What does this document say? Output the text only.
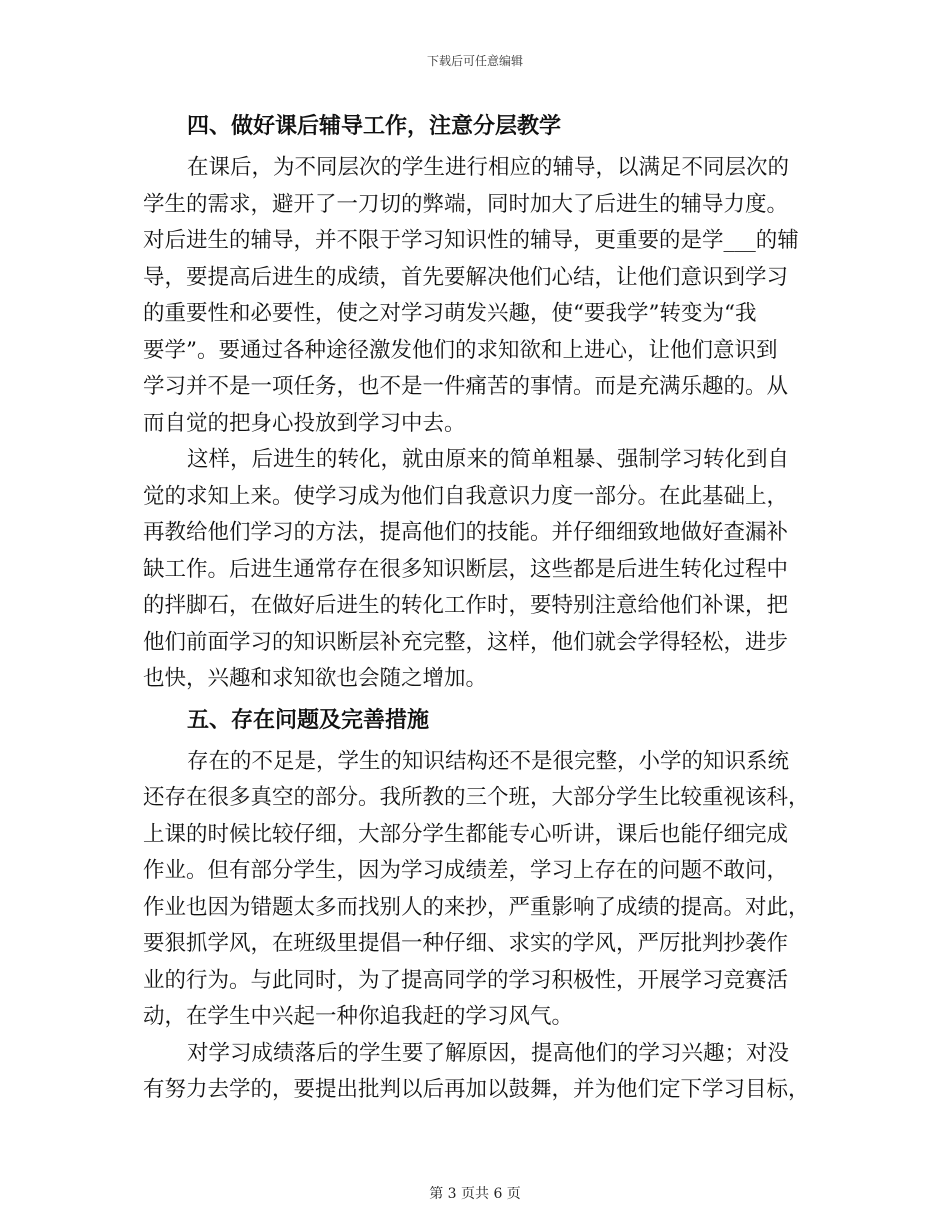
下载后可任意编辑
四、做好课后辅导工作，注意分层教学

在课后，为不同层次的学生进行相应的辅导，以满足不同层次的
学生的需求，避开了一刀切的弊端，同时加大了后进生的辅导力度。
对后进生的辅导，并不限于学习知识性的辅导，更重要的是学___的辅
导，要提高后进生的成绩，首先要解决他们心结，让他们意识到学习
的重要性和必要性，使之对学习萌发兴趣，使“要我学”转变为“我
要学”。要通过各种途径激发他们的求知欲和上进心，让他们意识到
学习并不是一项任务，也不是一件痛苦的事情。而是充满乐趣的。从
而自觉的把身心投放到学习中去。

这样，后进生的转化，就由原来的简单粗暴、强制学习转化到自
觉的求知上来。使学习成为他们自我意识力度一部分。在此基础上，
再教给他们学习的方法，提高他们的技能。并仔细细致地做好查漏补
缺工作。后进生通常存在很多知识断层，这些都是后进生转化过程中
的拌脚石，在做好后进生的转化工作时，要特别注意给他们补课，把
他们前面学习的知识断层补充完整，这样，他们就会学得轻松，进步
也快，兴趣和求知欲也会随之增加。

五、存在问题及完善措施

存在的不足是，学生的知识结构还不是很完整，小学的知识系统
还存在很多真空的部分。我所教的三个班，大部分学生比较重视该科，
上课的时候比较仔细，大部分学生都能专心听讲，课后也能仔细完成
作业。但有部分学生，因为学习成绩差，学习上存在的问题不敢问，
作业也因为错题太多而找别人的来抄，严重影响了成绩的提高。对此，
要狠抓学风，在班级里提倡一种仔细、求实的学风，严厉批判抄袭作
业的行为。与此同时，为了提高同学的学习积极性，开展学习竞赛活
动，在学生中兴起一种你追我赶的学习风气。

对学习成绩落后的学生要了解原因，提高他们的学习兴趣；对没
有努力去学的，要提出批判以后再加以鼓舞，并为他们定下学习目标，

第 3 页共 6 页
